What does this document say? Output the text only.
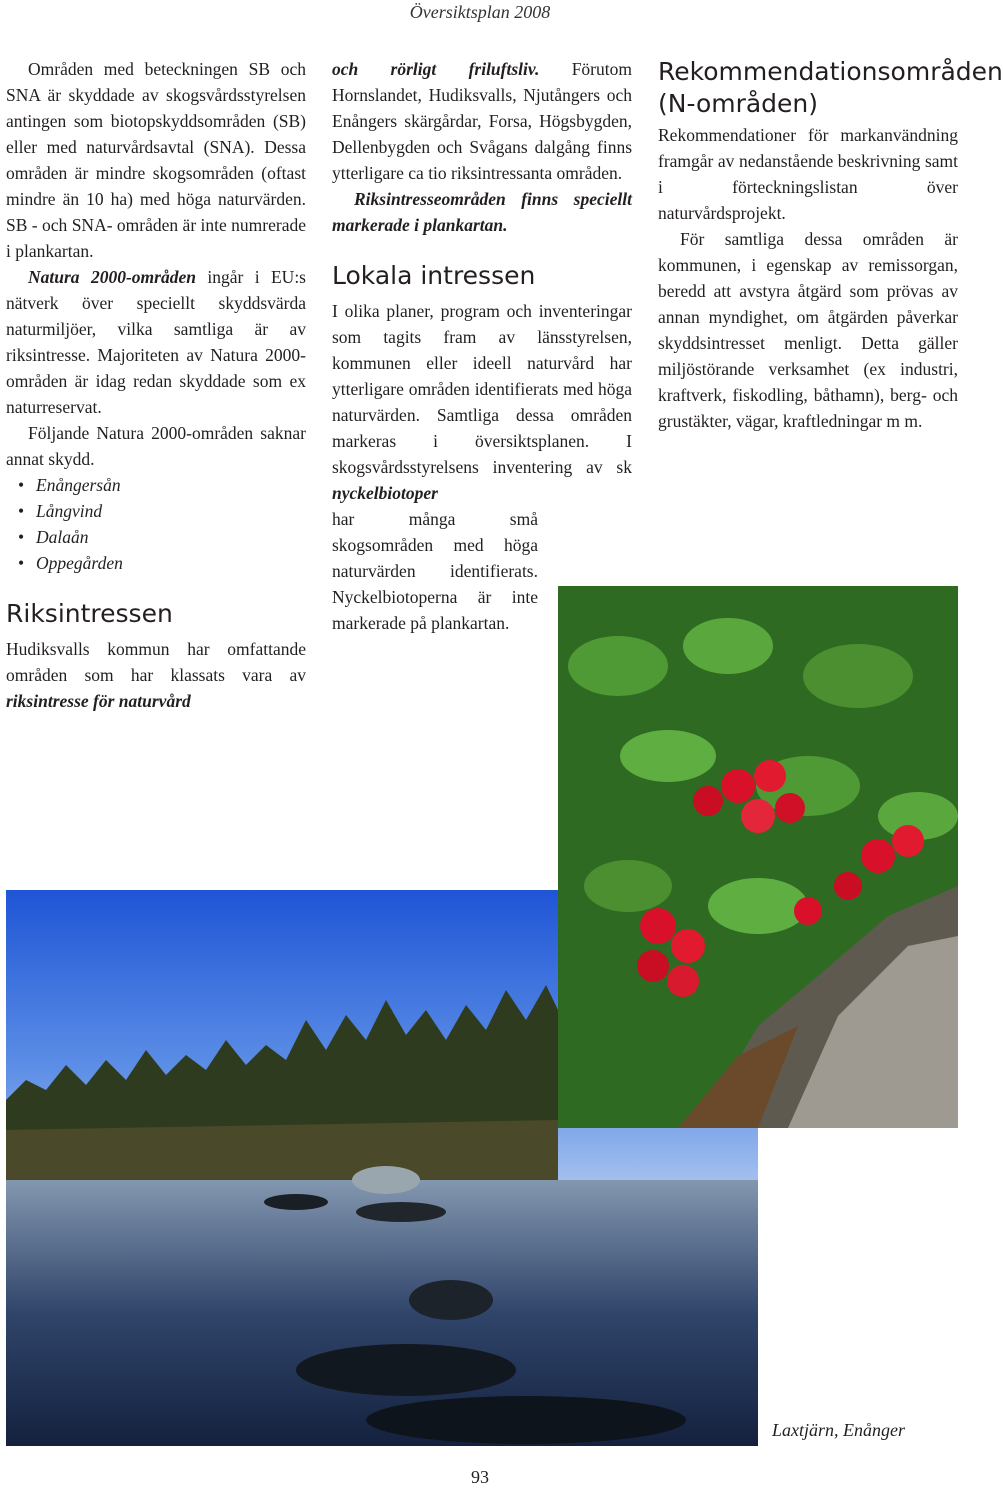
Översiktsplan 2008

Områden med beteckningen SB och SNA är skyddade av skogsvårdsstyrelsen antingen som biotopskyddsområden (SB) eller med naturvårdsavtal (SNA). Dessa områden är mindre skogsområden (oftast mindre än 10 ha) med höga naturvärden. SB - och SNA- områden är inte numrerade i plankartan.

Natura 2000-områden ingår i EU:s nätverk över speciellt skyddsvärda naturmiljöer, vilka samtliga är av riksintresse. Majoriteten av Natura 2000-områden är idag redan skyddade som ex naturreservat.

Följande Natura 2000-områden saknar annat skydd.

• Enångersån
• Långvind
• Dalaån
• Oppegården
Riksintressen

Hudiksvalls kommun har omfattande områden som har klassats vara av riksintresse för naturvård

och rörligt friluftsliv. Förutom Hornslandet, Hudiksvalls, Njutångers och Enångers skärgårdar, Forsa, Högsbygden, Dellenbygden och Svågans dalgång finns ytterligare ca tio riksintressanta områden.

Riksintresseområden finns speciellt markerade i plankartan.

Lokala intressen

I olika planer, program och inventeringar som tagits fram av länsstyrelsen, kommunen eller ideell naturvård har ytterligare områden identifierats med höga naturvärden. Samtliga dessa områden markeras i översiktsplanen. I skogsvårdsstyrelsens inventering av sk nyckelbiotoper

har många små skogsområden med höga naturvärden identifierats. Nyckelbiotoperna är inte markerade på plankartan.

Rekommendationsområden (N-områden)

Rekommendationer för markanvändning framgår av nedanstående beskrivning samt i förteckningslistan över naturvårdsprojekt.

För samtliga dessa områden är kommunen, i egenskap av remissorgan, beredd att avstyra åtgärd som prövas av annan myndighet, om åtgärden påverkar skyddsintresset menligt. Detta gäller miljöstörande verksamhet (ex industri, kraftverk, fiskodling, båthamn), berg- och grustäkter, vägar, kraftledningar m m.

Laxtjärn, Enånger
93
